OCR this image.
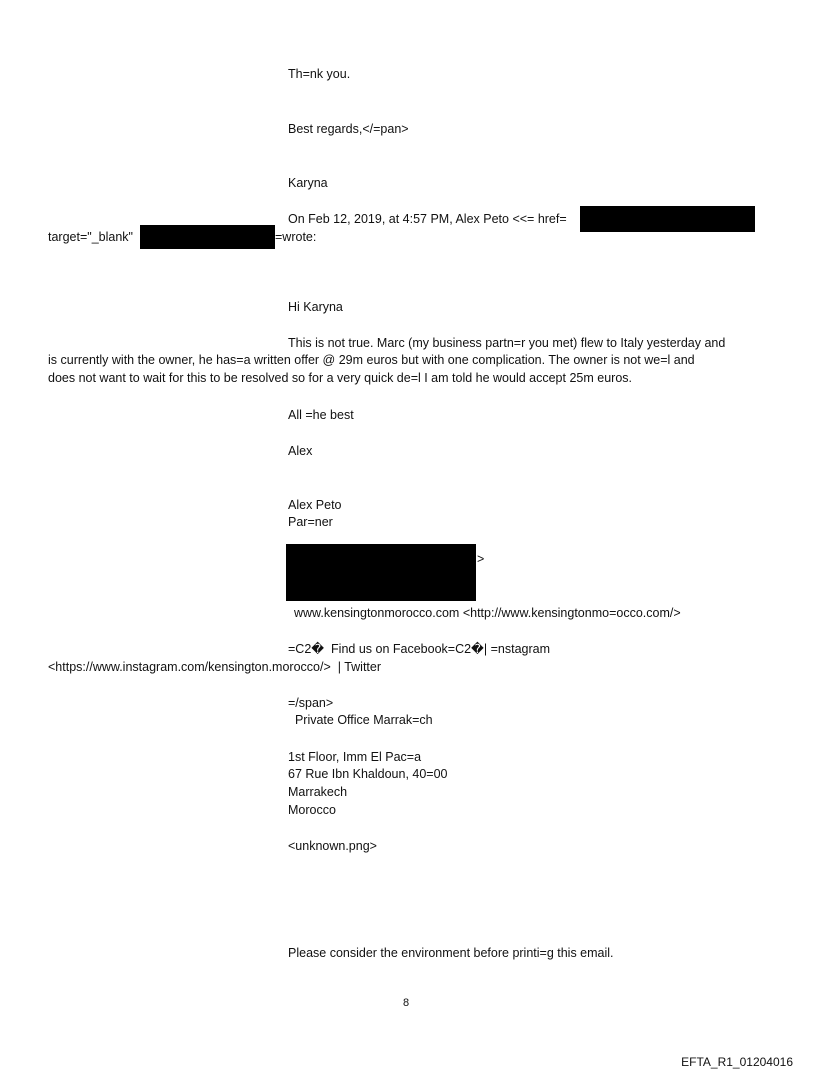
Th=nk you.
Best regards,</=pan>
Karyna
On Feb 12, 2019, at 4:57 PM, Alex Peto <<= href=
target="_blank"	=wrote:
Hi Karyna
This is not true. Marc (my business partn=r you met) flew to Italy yesterday and
is currently with the owner, he has=a written offer @ 29m euros but with one complication. The owner is not we=l and
does not want to wait for this to be resolved so for a very quick de=l I am told he would accept 25m euros.
All =he best
Alex
Alex Peto
Par=ner
>
www.kensingtonmorocco.com <http://www.kensingtonmo=occo.com/>
=C2�  Find us on Facebook=C2�| =nstagram
<https://www.instagram.com/kensington.morocco/>  | Twitter
=/span>
Private Office Marrak=ch
1st Floor, Imm El Pac=a
67 Rue Ibn Khaldoun, 40=00
Marrakech
Morocco
<unknown.png>
Please consider the environment before printi=g this email.
8
EFTA_R1_01204016
